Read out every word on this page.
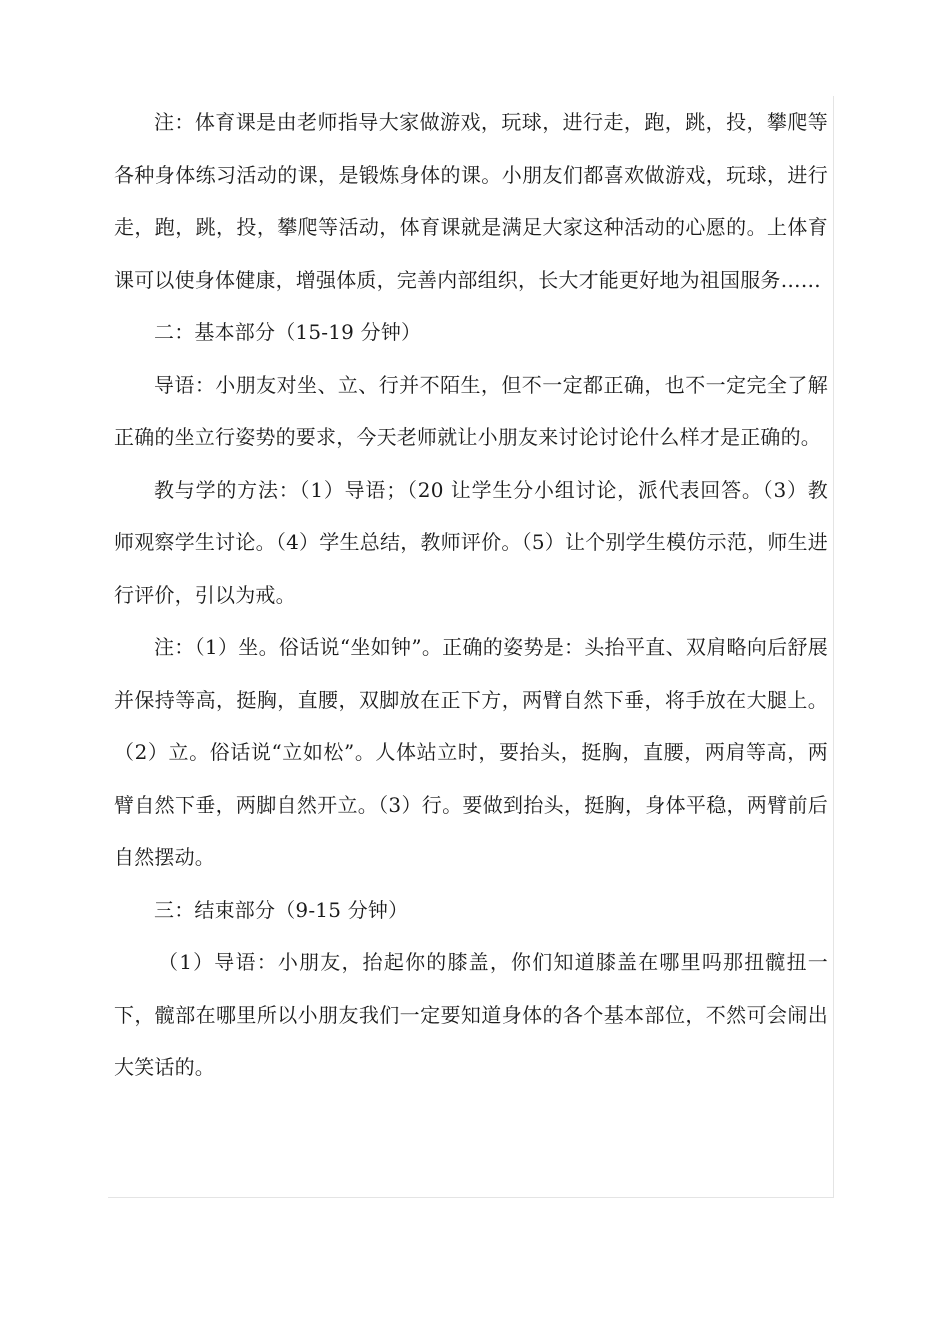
注：体育课是由老师指导大家做游戏，玩球，进行走，跑，跳，投，攀爬等各种身体练习活动的课，是锻炼身体的课。小朋友们都喜欢做游戏，玩球，进行走，跑，跳，投，攀爬等活动，体育课就是满足大家这种活动的心愿的。上体育课可以使身体健康，增强体质，完善内部组织，长大才能更好地为祖国服务……

二：基本部分（15-19 分钟）

导语：小朋友对坐、立、行并不陌生，但不一定都正确，也不一定完全了解正确的坐立行姿势的要求，今天老师就让小朋友来讨论讨论什么样才是正确的。

教与学的方法：（1）导语；（20 让学生分小组讨论，派代表回答。（3）教师观察学生讨论。（4）学生总结，教师评价。（5）让个别学生模仿示范，师生进行评价，引以为戒。

注：（1）坐。俗话说“坐如钟”。正确的姿势是：头抬平直、双肩略向后舒展并保持等高，挺胸，直腰，双脚放在正下方，两臂自然下垂，将手放在大腿上。（2）立。俗话说“立如松”。人体站立时，要抬头，挺胸，直腰，两肩等高，两臂自然下垂，两脚自然开立。（3）行。要做到抬头，挺胸，身体平稳，两臂前后自然摆动。

三：结束部分（9-15 分钟）

（1）导语：小朋友，抬起你的膝盖，你们知道膝盖在哪里吗那扭髋扭一下，髋部在哪里所以小朋友我们一定要知道身体的各个基本部位，不然可会闹出大笑话的。
